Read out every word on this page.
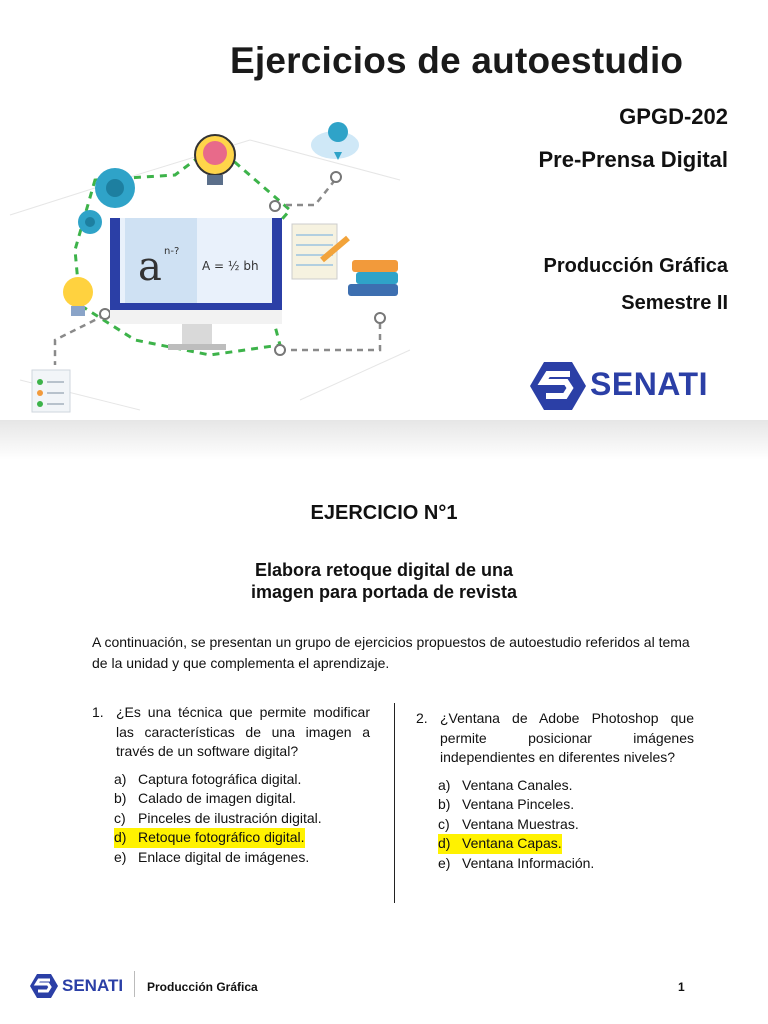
a n-?
A = ½ bh
Ejercicios de autoestudio
GPGD-202
Pre-Prensa Digital
Producción Gráfica
Semestre II
SENATI
EJERCICIO N°1
Elabora retoque digital de una
imagen para portada de revista
A continuación, se presentan un grupo de ejercicios propuestos de autoestudio referidos al tema de la unidad y que complementa el aprendizaje.
1. ¿Es una técnica que permite modificar las características de una imagen a través de un software digital?
a) Captura fotográfica digital.
b) Calado de imagen digital.
c) Pinceles de ilustración digital.
d) Retoque fotográfico digital.
e) Enlace digital de imágenes.
2. ¿Ventana de Adobe Photoshop que permite posicionar imágenes independientes en diferentes niveles?
a) Ventana Canales.
b) Ventana Pinceles.
c) Ventana Muestras.
d) Ventana Capas.
e) Ventana Información.
SENATI Producción Gráfica	1
